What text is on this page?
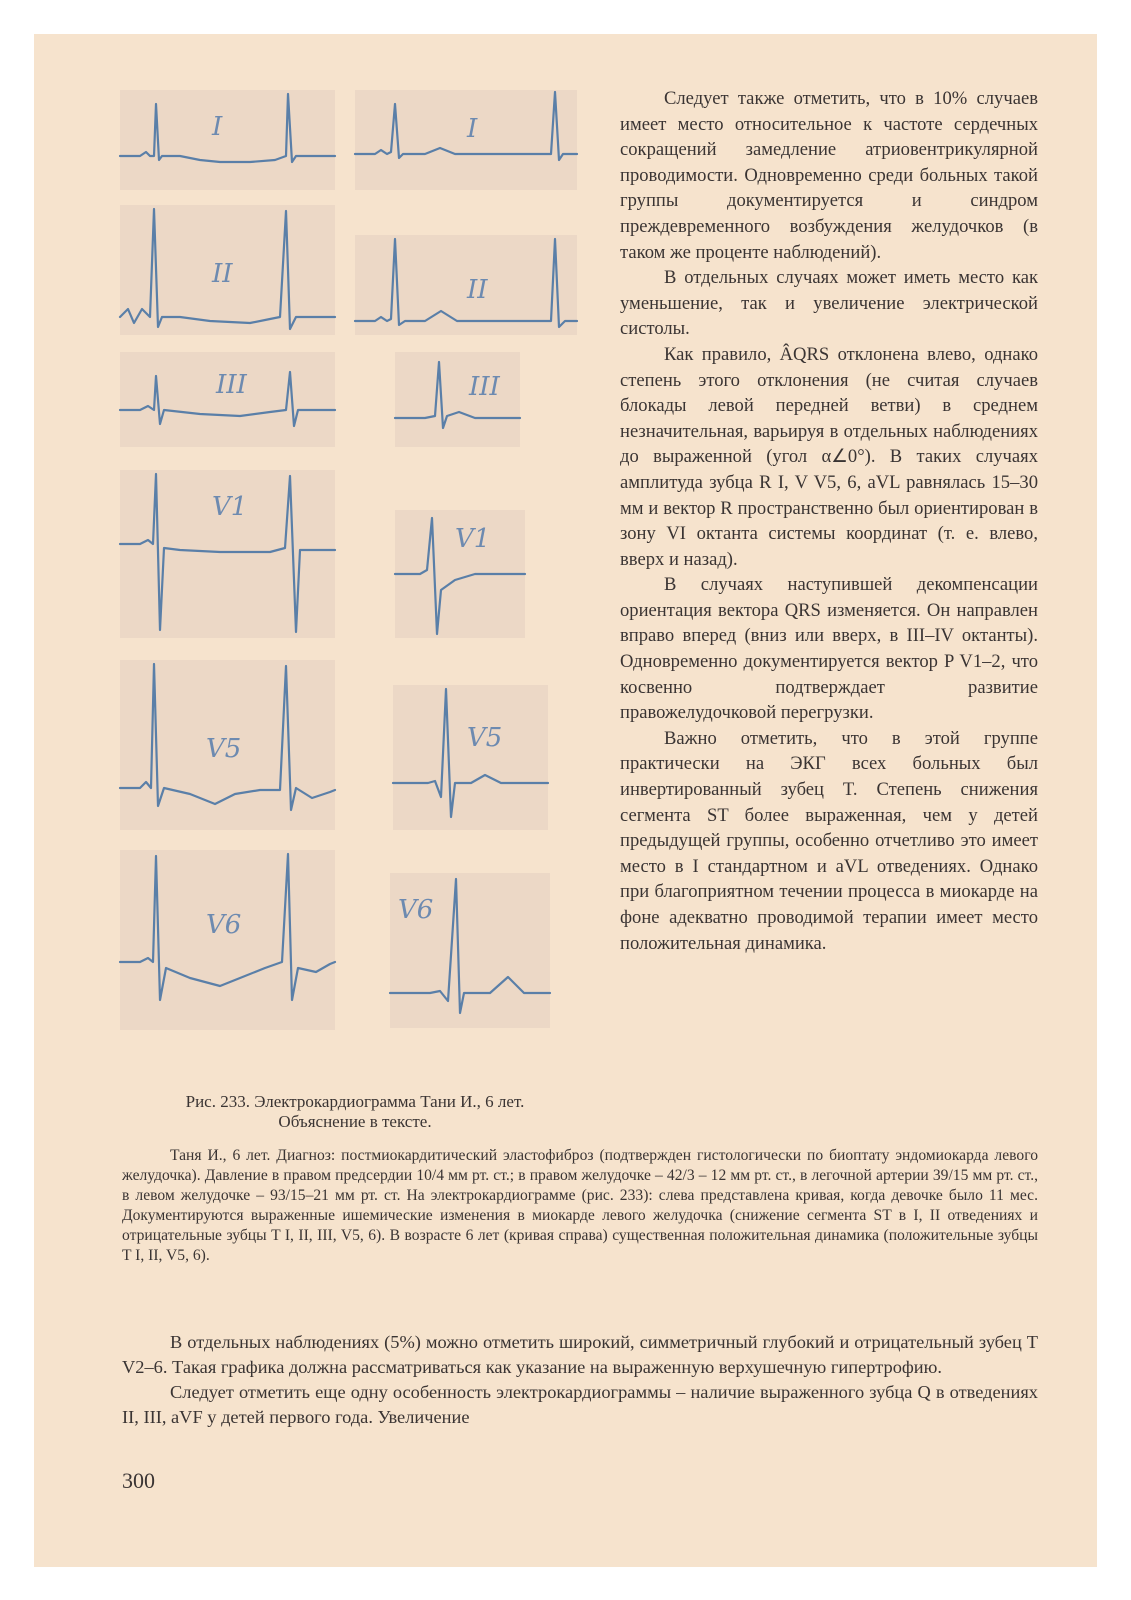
I
II
III
V1
V5
V6
I
II
III
V1
V5
V6
Рис. 233. Электрокардиограмма Тани И., 6 лет.
Объяснение в тексте.

Следует также отметить, что в 10% случаев имеет место относительное к частоте сердечных сокращений замедление атриовентрикулярной проводимости. Одновременно среди больных такой группы документируется и синдром преждевременного возбуждения желудочков (в таком же проценте наблюдений).

В отдельных случаях может иметь место как уменьшение, так и увеличение электрической систолы.

Как правило, ÂQRS отклонена влево, однако степень этого отклонения (не считая случаев блокады левой передней ветви) в среднем незначительная, варьируя в отдельных наблюдениях до выраженной (угол α∠0°). В таких случаях амплитуда зубца R I, V V5, 6, aVL равнялась 15–30 мм и вектор R пространственно был ориентирован в зону VI октанта системы координат (т. е. влево, вверх и назад).

В случаях наступившей декомпенсации ориентация вектора QRS изменяется. Он направлен вправо вперед (вниз или вверх, в III–IV октанты). Одновременно документируется вектор P V1–2, что косвенно подтверждает развитие правожелудочковой перегрузки.

Важно отметить, что в этой группе практически на ЭКГ всех больных был инвертированный зубец T. Степень снижения сегмента ST более выраженная, чем у детей предыдущей группы, особенно отчетливо это имеет место в I стандартном и aVL отведениях. Однако при благоприятном течении процесса в миокарде на фоне адекватно проводимой терапии имеет место положительная динамика.

Таня И., 6 лет. Диагноз: постмиокардитический эластофиброз (подтвержден гистологически по биоптату эндомиокарда левого желудочка). Давление в правом предсердии 10/4 мм рт. ст.; в правом желудочке – 42/3 – 12 мм рт. ст., в легочной артерии 39/15 мм рт. ст., в левом желудочке – 93/15–21 мм рт. ст. На электрокардиограмме (рис. 233): слева представлена кривая, когда девочке было 11 мес. Документируются выраженные ишемические изменения в миокарде левого желудочка (снижение сегмента ST в I, II отведениях и отрицательные зубцы T I, II, III, V5, 6). В возрасте 6 лет (кривая справа) существенная положительная динамика (положительные зубцы T I, II, V5, 6).

В отдельных наблюдениях (5%) можно отметить широкий, симметричный глубокий и отрицательный зубец T V2–6. Такая графика должна рассматриваться как указание на выраженную верхушечную гипертрофию.

Следует отметить еще одну особенность электрокардиограммы – наличие выраженного зубца Q в отведениях II, III, aVF у детей первого года. Увеличение

300
